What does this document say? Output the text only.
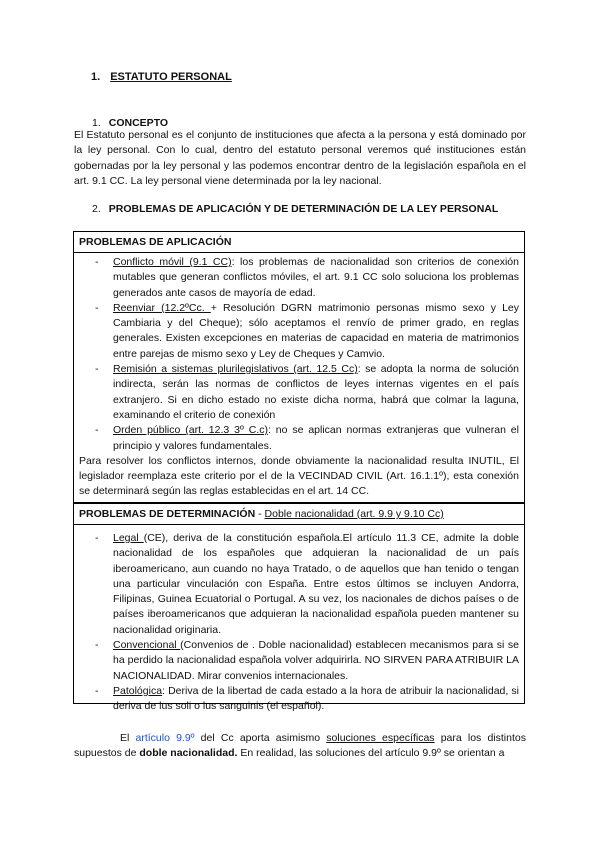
1. ESTATUTO PERSONAL
1. CONCEPTO

El Estatuto personal es el conjunto de instituciones que afecta a la persona y está dominado por la ley personal. Con lo cual, dentro del estatuto personal veremos qué instituciones están gobernadas por la ley personal y las podemos encontrar dentro de la legislación española en el art. 9.1 CC. La ley personal viene determinada por la ley nacional.

2. PROBLEMAS DE APLICACIÓN Y DE DETERMINACIÓN DE LA LEY PERSONAL
PROBLEMAS DE APLICACIÓN
- Conflicto móvil (9.1 CC): los problemas de nacionalidad son criterios de conexión mutables que generan conflictos móviles, el art. 9.1 CC solo soluciona los problemas generados ante casos de mayoría de edad.
- Reenviar (12.2ºCc. + Resolución DGRN matrimonio personas mismo sexo y Ley Cambiaria y del Cheque); sólo aceptamos el renvío de primer grado, en reglas generales. Existen excepciones en materias de capacidad en materia de matrimonios entre parejas de mismo sexo y Ley de Cheques y Camvio.
- Remisión a sistemas plurilegislativos (art. 12.5 Cc): se adopta la norma de solución indirecta, serán las normas de conflictos de leyes internas vigentes en el país extranjero. Si en dicho estado no existe dicha norma, habrá que colmar la laguna, examinando el criterio de conexión
- Orden público (art. 12.3 3º C.c): no se aplican normas extranjeras que vulneran el principio y valores fundamentales.

Para resolver los conflictos internos, donde obviamente la nacionalidad resulta INUTIL, El legislador reemplaza este criterio por el de la VECINDAD CIVIL (Art. 16.1.1º), esta conexión se determinará según las reglas establecidas en el art. 14 CC.

PROBLEMAS DE DETERMINACIÓN - Doble nacionalidad (art. 9.9 y 9.10 Cc)
- Legal (CE), deriva de la constitución española.El artículo 11.3 CE, admite la doble nacionalidad de los españoles que adquieran la nacionalidad de un país iberoamericano, aun cuando no haya Tratado, o de aquellos que han tenido o tengan una particular vinculación con España. Entre estos últimos se incluyen Andorra, Filipinas, Guinea Ecuatorial o Portugal. A su vez, los nacionales de dichos países o de países iberoamericanos que adquieran la nacionalidad española pueden mantener su nacionalidad originaria.
- Convencional (Convenios de . Doble nacionalidad) establecen mecanismos para si se ha perdido la nacionalidad española volver adquirirla. NO SIRVEN PARA ATRIBUIR LA NACIONALIDAD. Mirar convenios internacionales.
- Patológica: Deriva de la libertad de cada estado a la hora de atribuir la nacionalidad, si deriva de lus soli o lus sanguinis (el español).

El artículo 9.9º del Cc aporta asimismo soluciones específicas para los distintos supuestos de doble nacionalidad. En realidad, las soluciones del artículo 9.9º se orientan a
